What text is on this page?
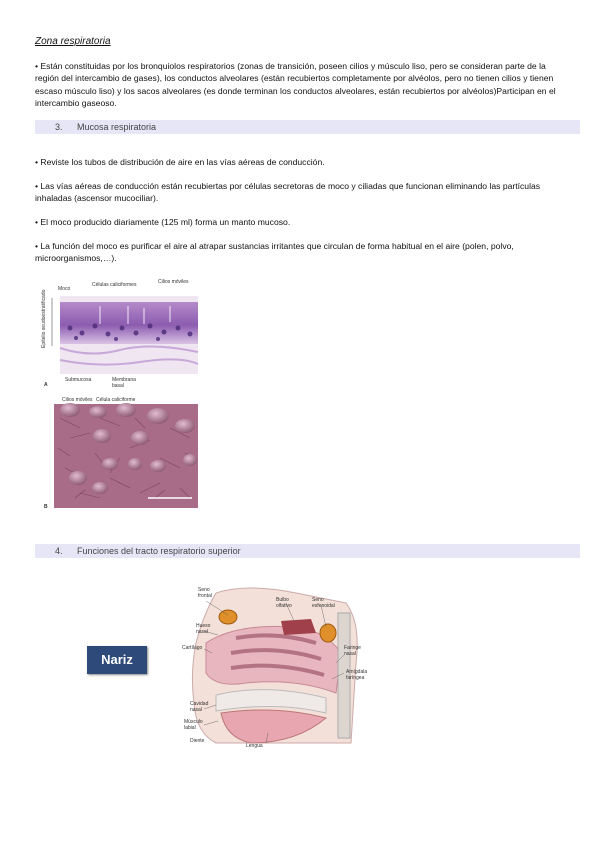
Zona respiratoria
• Están constituidas por los bronquiolos respiratorios (zonas de transición, poseen cilios y músculo liso, pero se consideran parte de la región del intercambio de gases), los conductos alveolares (están recubiertos completamente por alvéolos, pero no tienen cilios y tienen escaso músculo liso) y los sacos alveolares (es donde terminan los conductos alveolares, están recubiertos por alvéolos)Participan en el intercambio gaseoso.
3. Mucosa respiratoria
• Reviste los tubos de distribución de aire en las vías aéreas de conducción.
• Las vías aéreas de conducción están recubiertas por células secretoras de moco y ciliadas que funcionan eliminando las partículas inhaladas (ascensor mucociliar).
• El moco producido diariamente (125 ml) forma un manto mucoso.
• La función del moco es purificar el aire al atrapar sustancias irritantes que circulan de forma habitual en el aire (polen, polvo, microorganismos,…).
Moco
Células caliciformes	Cilios móviles
Epitelio seudoestratificado
Submucosa	Membrana basal
A
Cilios móviles Célula caliciforme
B
4. Funciones del tracto respiratorio superior
Nariz
Seno frontal
Bulbo olfativo
Seno esfenoidal
Hueso nasal
Cartílago	Faringe nasal
Amígdala faríngea
Cavidad nasal
Músculo labial
Diente
Lengua
